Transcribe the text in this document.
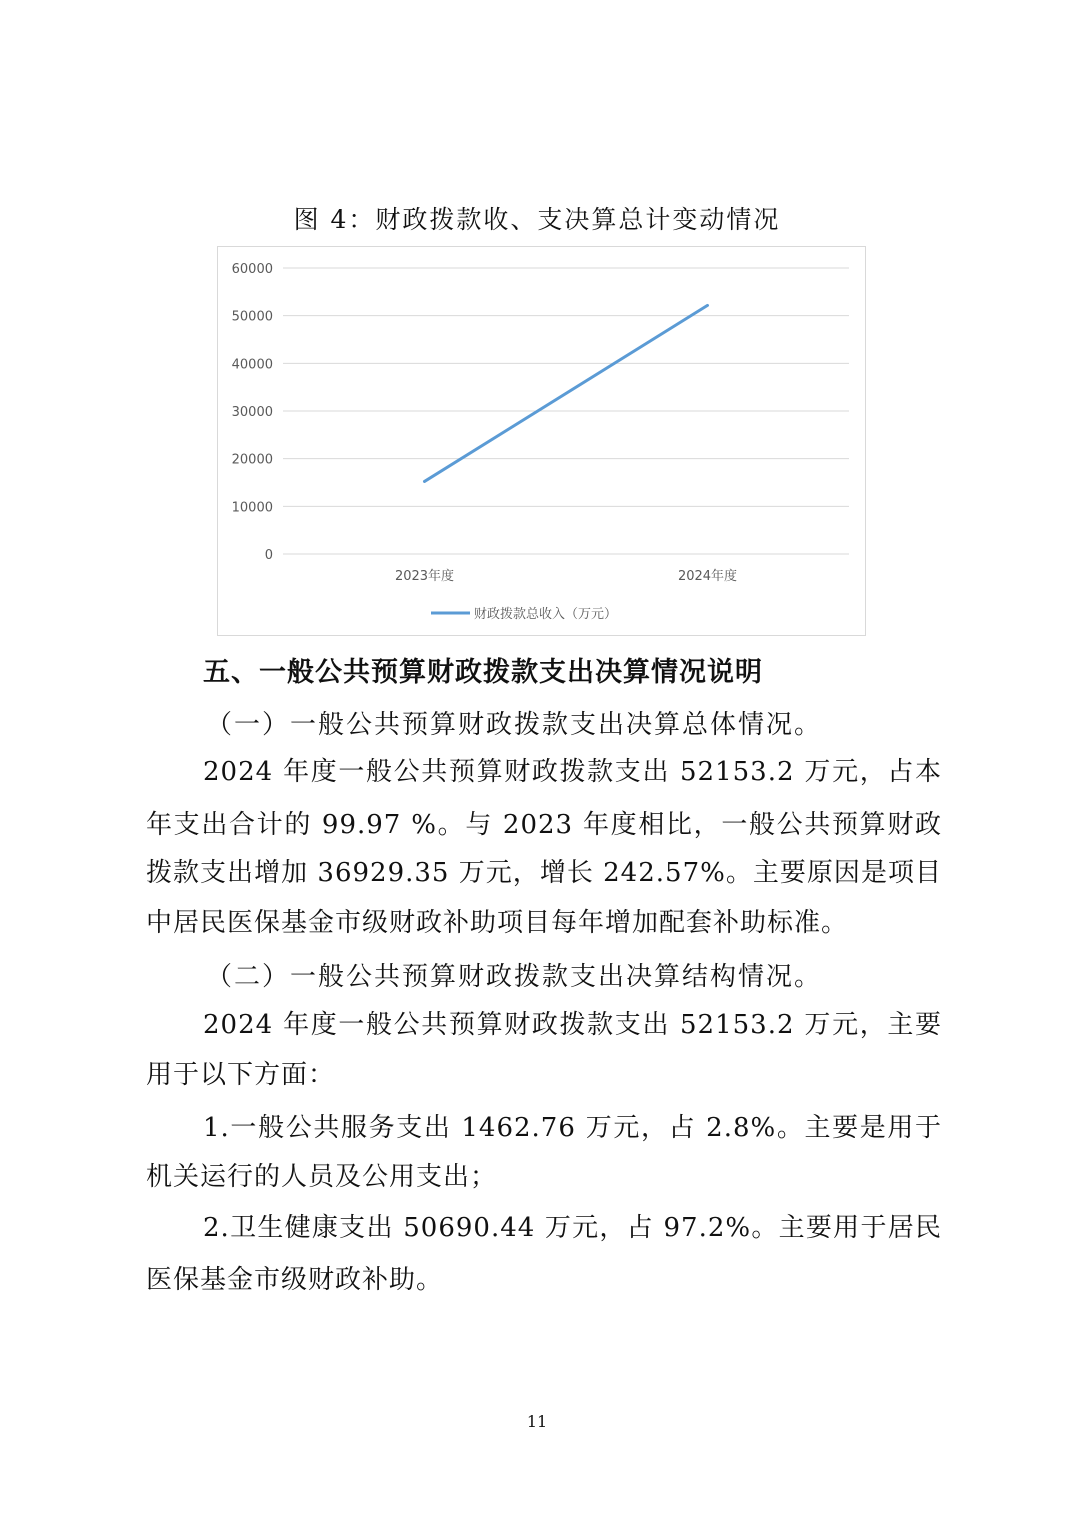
图 4：财政拨款收、支决算总计变动情况
0
10000
20000
30000
40000
50000
60000
2023年度	2024年度
财政拨款总收入（万元）
五、一般公共预算财政拨款支出决算情况说明
（一）一般公共预算财政拨款支出决算总体情况。
2024 年度一般公共预算财政拨款支出 52153.2 万元，占本
年支出合计的 99.97 %。与 2023 年度相比，一般公共预算财政
拨款支出增加 36929.35 万元，增长 242.57%。主要原因是项目
中居民医保基金市级财政补助项目每年增加配套补助标准。
（二）一般公共预算财政拨款支出决算结构情况。
2024 年度一般公共预算财政拨款支出 52153.2 万元，主要
用于以下方面：
1.一般公共服务支出 1462.76 万元，占 2.8%。主要是用于
机关运行的人员及公用支出；
2.卫生健康支出 50690.44 万元，占 97.2%。主要用于居民
医保基金市级财政补助。
11
